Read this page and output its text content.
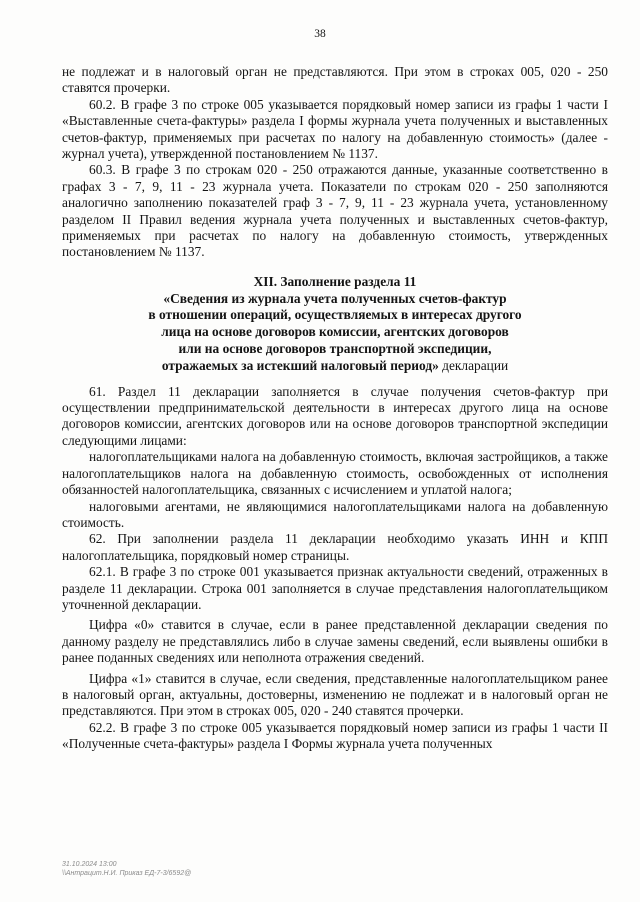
38

не подлежат и в налоговый орган не представляются. При этом в строках 005, 020 - 250 ставятся прочерки.

60.2. В графе 3 по строке 005 указывается порядковый номер записи из графы 1 части I «Выставленные счета-фактуры» раздела I формы журнала учета полученных и выставленных счетов-фактур, применяемых при расчетах по налогу на добавленную стоимость» (далее - журнал учета), утвержденной постановлением № 1137.

60.3. В графе 3 по строкам 020 - 250 отражаются данные, указанные соответственно в графах 3 - 7, 9, 11 - 23 журнала учета. Показатели по строкам 020 - 250 заполняются аналогично заполнению показателей граф 3 - 7, 9, 11 - 23 журнала учета, установленному разделом II Правил ведения журнала учета полученных и выставленных счетов-фактур, применяемых при расчетах по налогу на добавленную стоимость, утвержденных постановлением № 1137.

XII. Заполнение раздела 11
«Сведения из журнала учета полученных счетов-фактур
в отношении операций, осуществляемых в интересах другого
лица на основе договоров комиссии, агентских договоров
или на основе договоров транспортной экспедиции,
отражаемых за истекший налоговый период» декларации

61. Раздел 11 декларации заполняется в случае получения счетов-фактур при осуществлении предпринимательской деятельности в интересах другого лица на основе договоров комиссии, агентских договоров или на основе договоров транспортной экспедиции следующими лицами:

налогоплательщиками налога на добавленную стоимость, включая застройщиков, а также налогоплательщиков налога на добавленную стоимость, освобожденных от исполнения обязанностей налогоплательщика, связанных с исчислением и уплатой налога;

налоговыми агентами, не являющимися налогоплательщиками налога на добавленную стоимость.

62. При заполнении раздела 11 декларации необходимо указать ИНН и КПП налогоплательщика, порядковый номер страницы.

62.1. В графе 3 по строке 001 указывается признак актуальности сведений, отраженных в разделе 11 декларации. Строка 001 заполняется в случае представления налогоплательщиком уточненной декларации.

Цифра «0» ставится в случае, если в ранее представленной декларации сведения по данному разделу не представлялись либо в случае замены сведений, если выявлены ошибки в ранее поданных сведениях или неполнота отражения сведений.

Цифра «1» ставится в случае, если сведения, представленные налогоплательщиком ранее в налоговый орган, актуальны, достоверны, изменению не подлежат и в налоговый орган не представляются. При этом в строках 005, 020 - 240 ставятся прочерки.

62.2. В графе 3 по строке 005 указывается порядковый номер записи из графы 1 части II «Полученные счета-фактуры» раздела I Формы журнала учета полученных

31.10.2024 13:00
\\Антрацит.Н.И. Приказ ЕД-7-3/6592@
